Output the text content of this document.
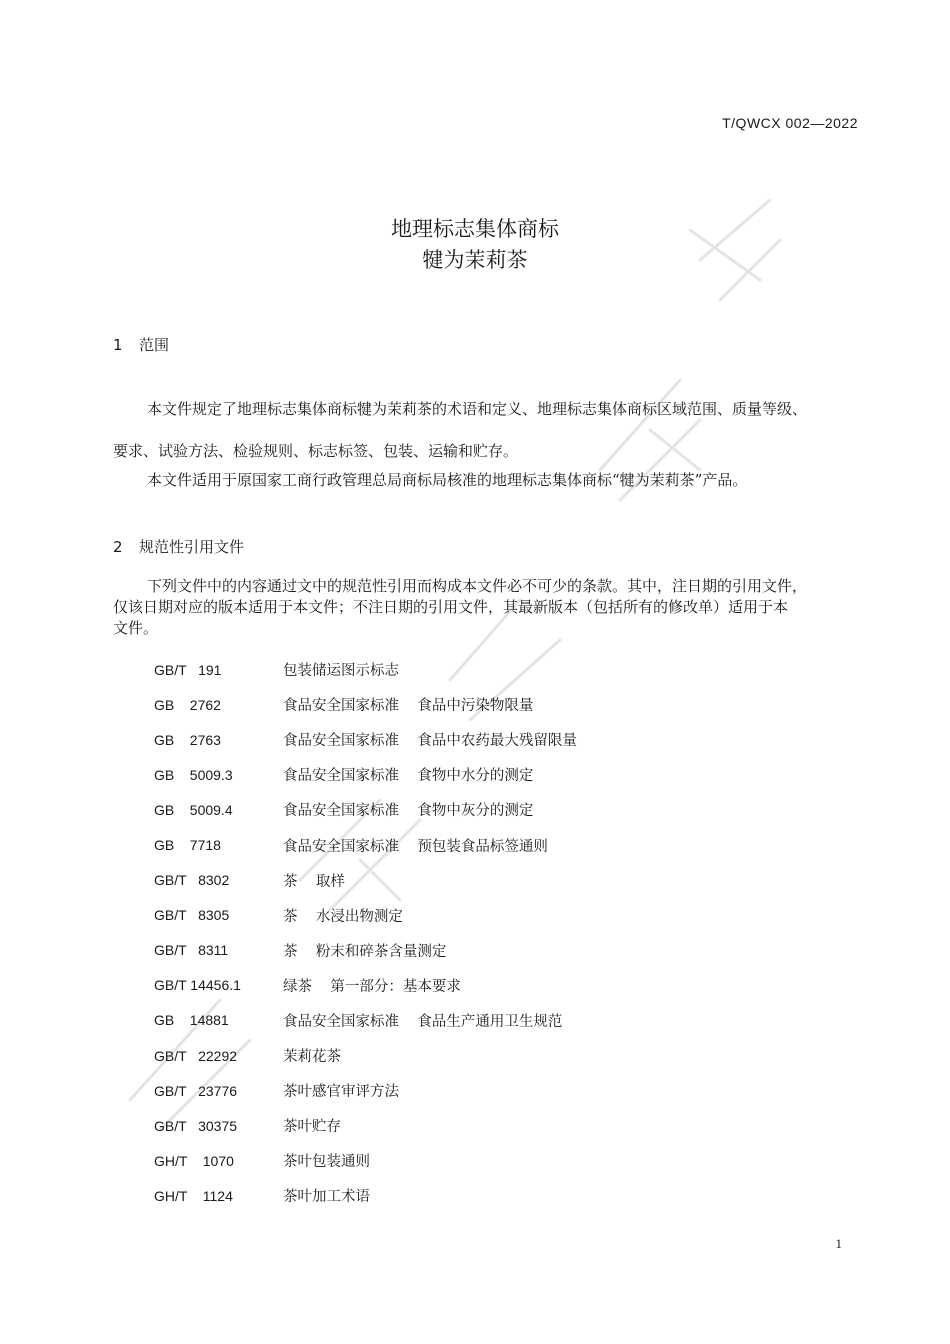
T/QWCX 002—2022
地理标志集体商标
犍为茉莉茶
1 范围

本文件规定了地理标志集体商标犍为茉莉茶的术语和定义、地理标志集体商标区域范围、质量等级、

要求、试验方法、检验规则、标志标签、包装、运输和贮存。

本文件适用于原国家工商行政管理总局商标局核准的地理标志集体商标“犍为茉莉茶”产品。

2 规范性引用文件

下列文件中的内容通过文中的规范性引用而构成本文件必不可少的条款。其中，注日期的引用文件，

仅该日期对应的版本适用于本文件；不注日期的引用文件，其最新版本（包括所有的修改单）适用于本

文件。

GB/T   191	包装储运图示标志
GB    2762	食品安全国家标准    食品中污染物限量
GB    2763	食品安全国家标准    食品中农药最大残留限量
GB    5009.3	食品安全国家标准    食物中水分的测定
GB    5009.4	食品安全国家标准    食物中灰分的测定
GB    7718	食品安全国家标准    预包装食品标签通则
GB/T   8302	茶    取样
GB/T   8305	茶    水浸出物测定
GB/T   8311	茶    粉末和碎茶含量测定
GB/T 14456.1	绿茶    第一部分：基本要求
GB    14881	食品安全国家标准    食品生产通用卫生规范
GB/T   22292	茉莉花茶
GB/T   23776	茶叶感官审评方法
GB/T   30375	茶叶贮存
GH/T    1070	茶叶包装通则
GH/T    1124	茶叶加工术语
1
